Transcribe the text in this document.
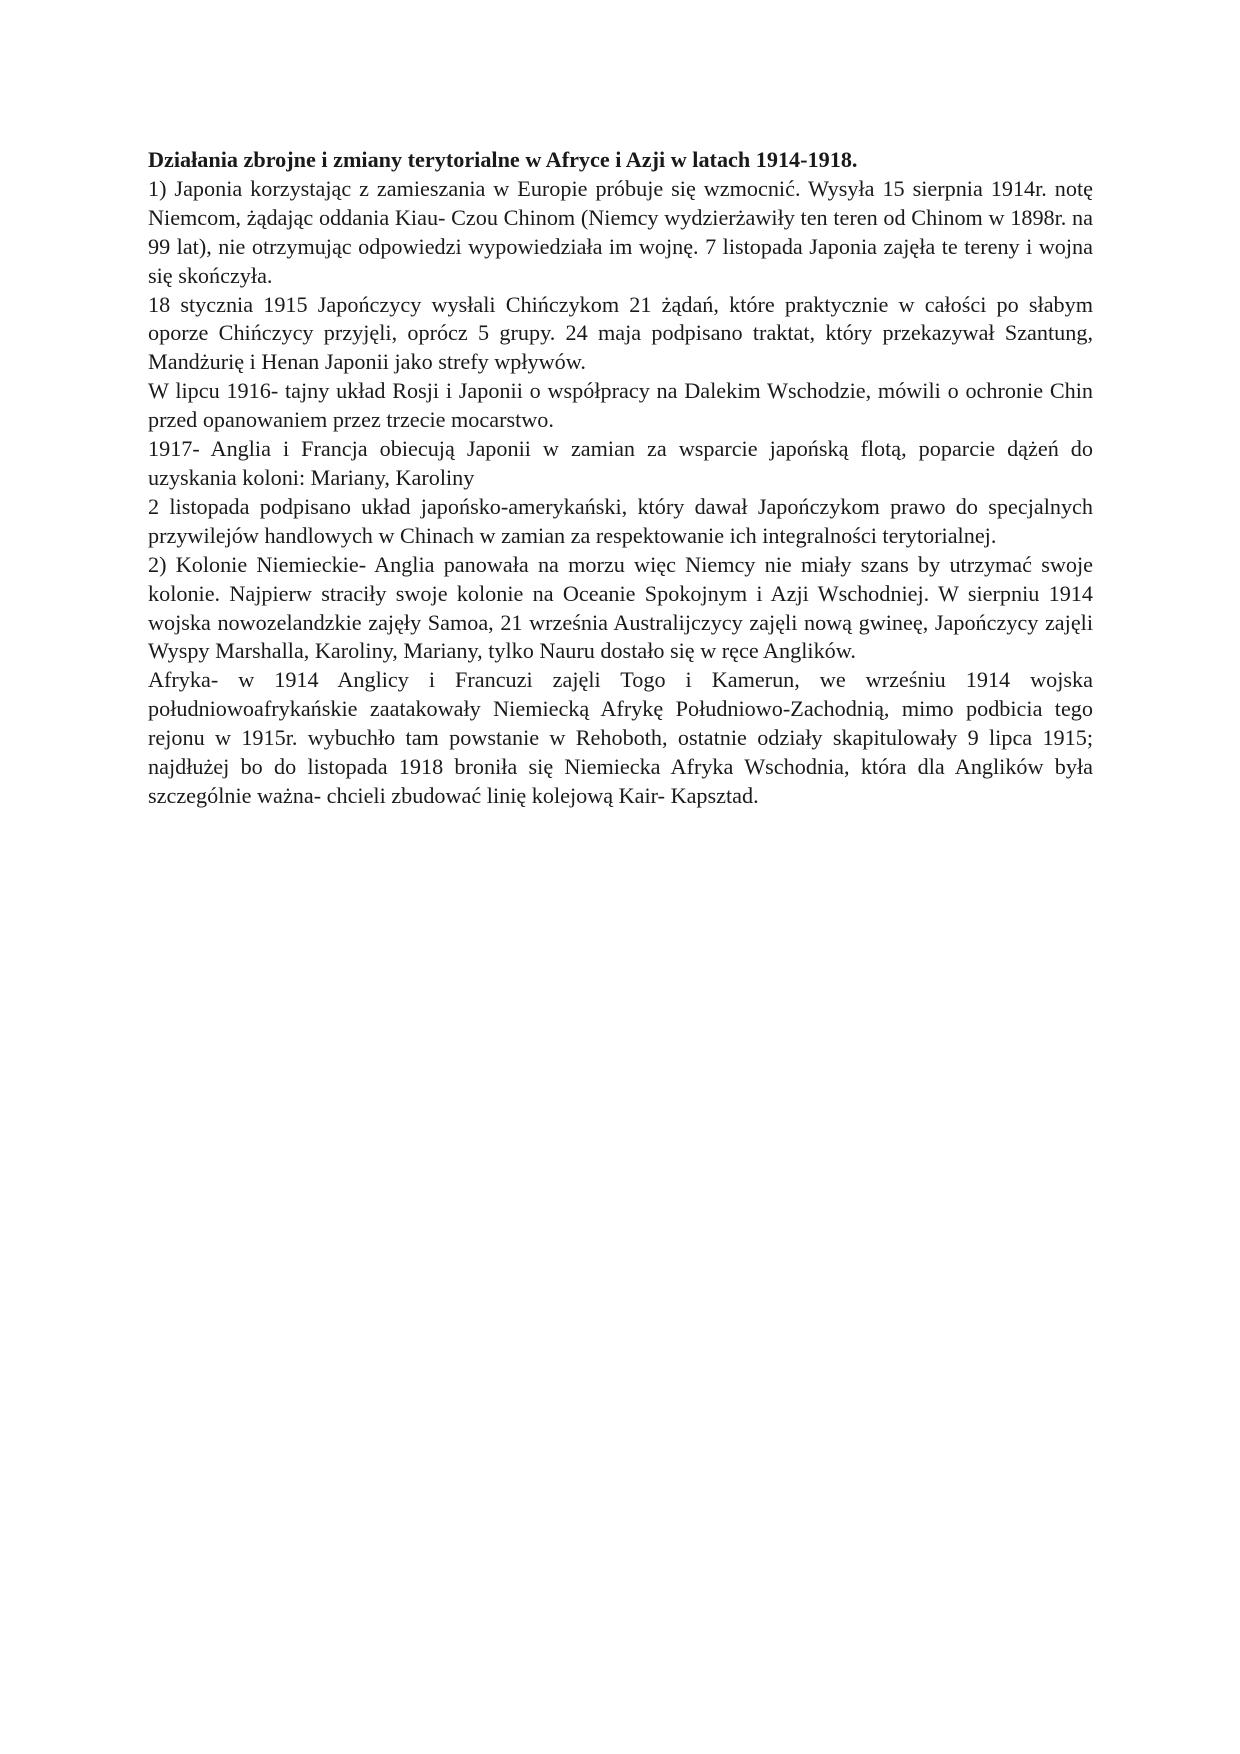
Działania zbrojne i zmiany terytorialne w Afryce i Azji w latach 1914-1918.

1) Japonia korzystając z zamieszania w Europie próbuje się wzmocnić. Wysyła 15 sierpnia 1914r. notę Niemcom, żądając oddania Kiau- Czou Chinom (Niemcy wydzierżawiły ten teren od Chinom w 1898r. na 99 lat), nie otrzymując odpowiedzi wypowiedziała im wojnę. 7 listopada Japonia zajęła te tereny i wojna się skończyła.

18 stycznia 1915 Japończycy wysłali Chińczykom 21 żądań, które praktycznie w całości po słabym oporze Chińczycy przyjęli, oprócz 5 grupy. 24 maja podpisano traktat, który przekazywał Szantung, Mandżurię i Henan Japonii jako strefy wpływów.

W lipcu 1916- tajny układ Rosji i Japonii o współpracy na Dalekim Wschodzie, mówili o ochronie Chin przed opanowaniem przez trzecie mocarstwo.

1917- Anglia i Francja obiecują Japonii w zamian za wsparcie japońską flotą, poparcie dążeń do uzyskania koloni: Mariany, Karoliny

2 listopada podpisano układ japońsko-amerykański, który dawał Japończykom prawo do specjalnych przywilejów handlowych w Chinach w zamian za respektowanie ich integralności terytorialnej.

2) Kolonie Niemieckie- Anglia panowała na morzu więc Niemcy nie miały szans by utrzymać swoje kolonie. Najpierw straciły swoje kolonie na Oceanie Spokojnym i Azji Wschodniej. W sierpniu 1914 wojska nowozelandzkie zajęły Samoa, 21 września Australijczycy zajęli nową gwineę, Japończycy zajęli Wyspy Marshalla, Karoliny, Mariany, tylko Nauru dostało się w ręce Anglików.

Afryka- w 1914 Anglicy i Francuzi zajęli Togo i Kamerun, we wrześniu 1914 wojska południowoafrykańskie zaatakowały Niemiecką Afrykę Południowo-Zachodnią, mimo podbicia tego rejonu w 1915r. wybuchło tam powstanie w Rehoboth, ostatnie odziały skapitulowały 9 lipca 1915; najdłużej bo do listopada 1918 broniła się Niemiecka Afryka Wschodnia, która dla Anglików była szczególnie ważna- chcieli zbudować linię kolejową Kair- Kapsztad.
